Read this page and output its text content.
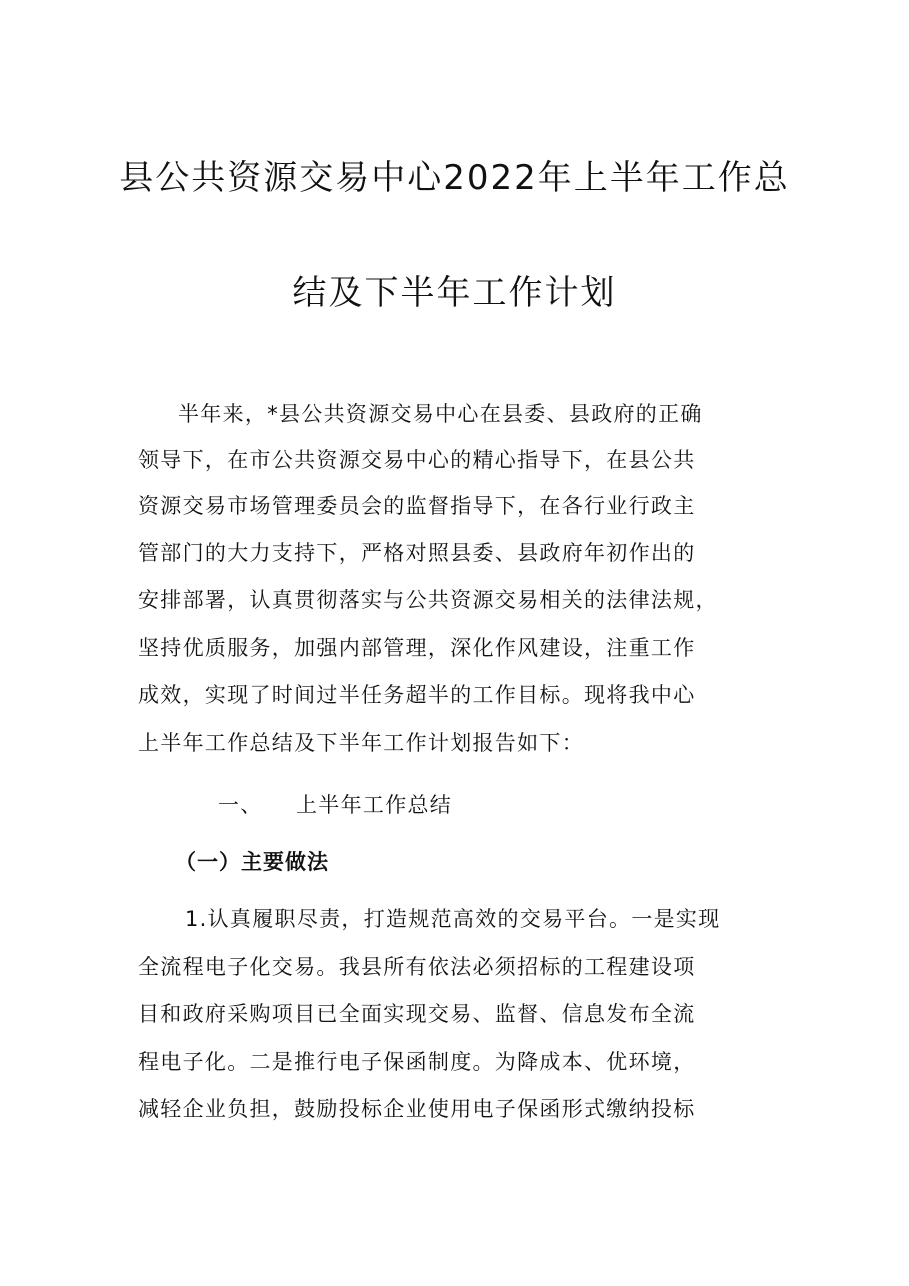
县公共资源交易中心2022年上半年工作总
结及下半年工作计划
半年来，*县公共资源交易中心在县委、县政府的正确
领导下，在市公共资源交易中心的精心指导下，在县公共
资源交易市场管理委员会的监督指导下，在各行业行政主
管部门的大力支持下，严格对照县委、县政府年初作出的
安排部署，认真贯彻落实与公共资源交易相关的法律法规，
坚持优质服务，加强内部管理，深化作风建设，注重工作
成效，实现了时间过半任务超半的工作目标。现将我中心
上半年工作总结及下半年工作计划报告如下：
一、 上半年工作总结
（一）主要做法
1.认真履职尽责，打造规范高效的交易平台。一是实现
全流程电子化交易。我县所有依法必须招标的工程建设项
目和政府采购项目已全面实现交易、监督、信息发布全流
程电子化。二是推行电子保函制度。为降成本、优环境，
减轻企业负担，鼓励投标企业使用电子保函形式缴纳投标
